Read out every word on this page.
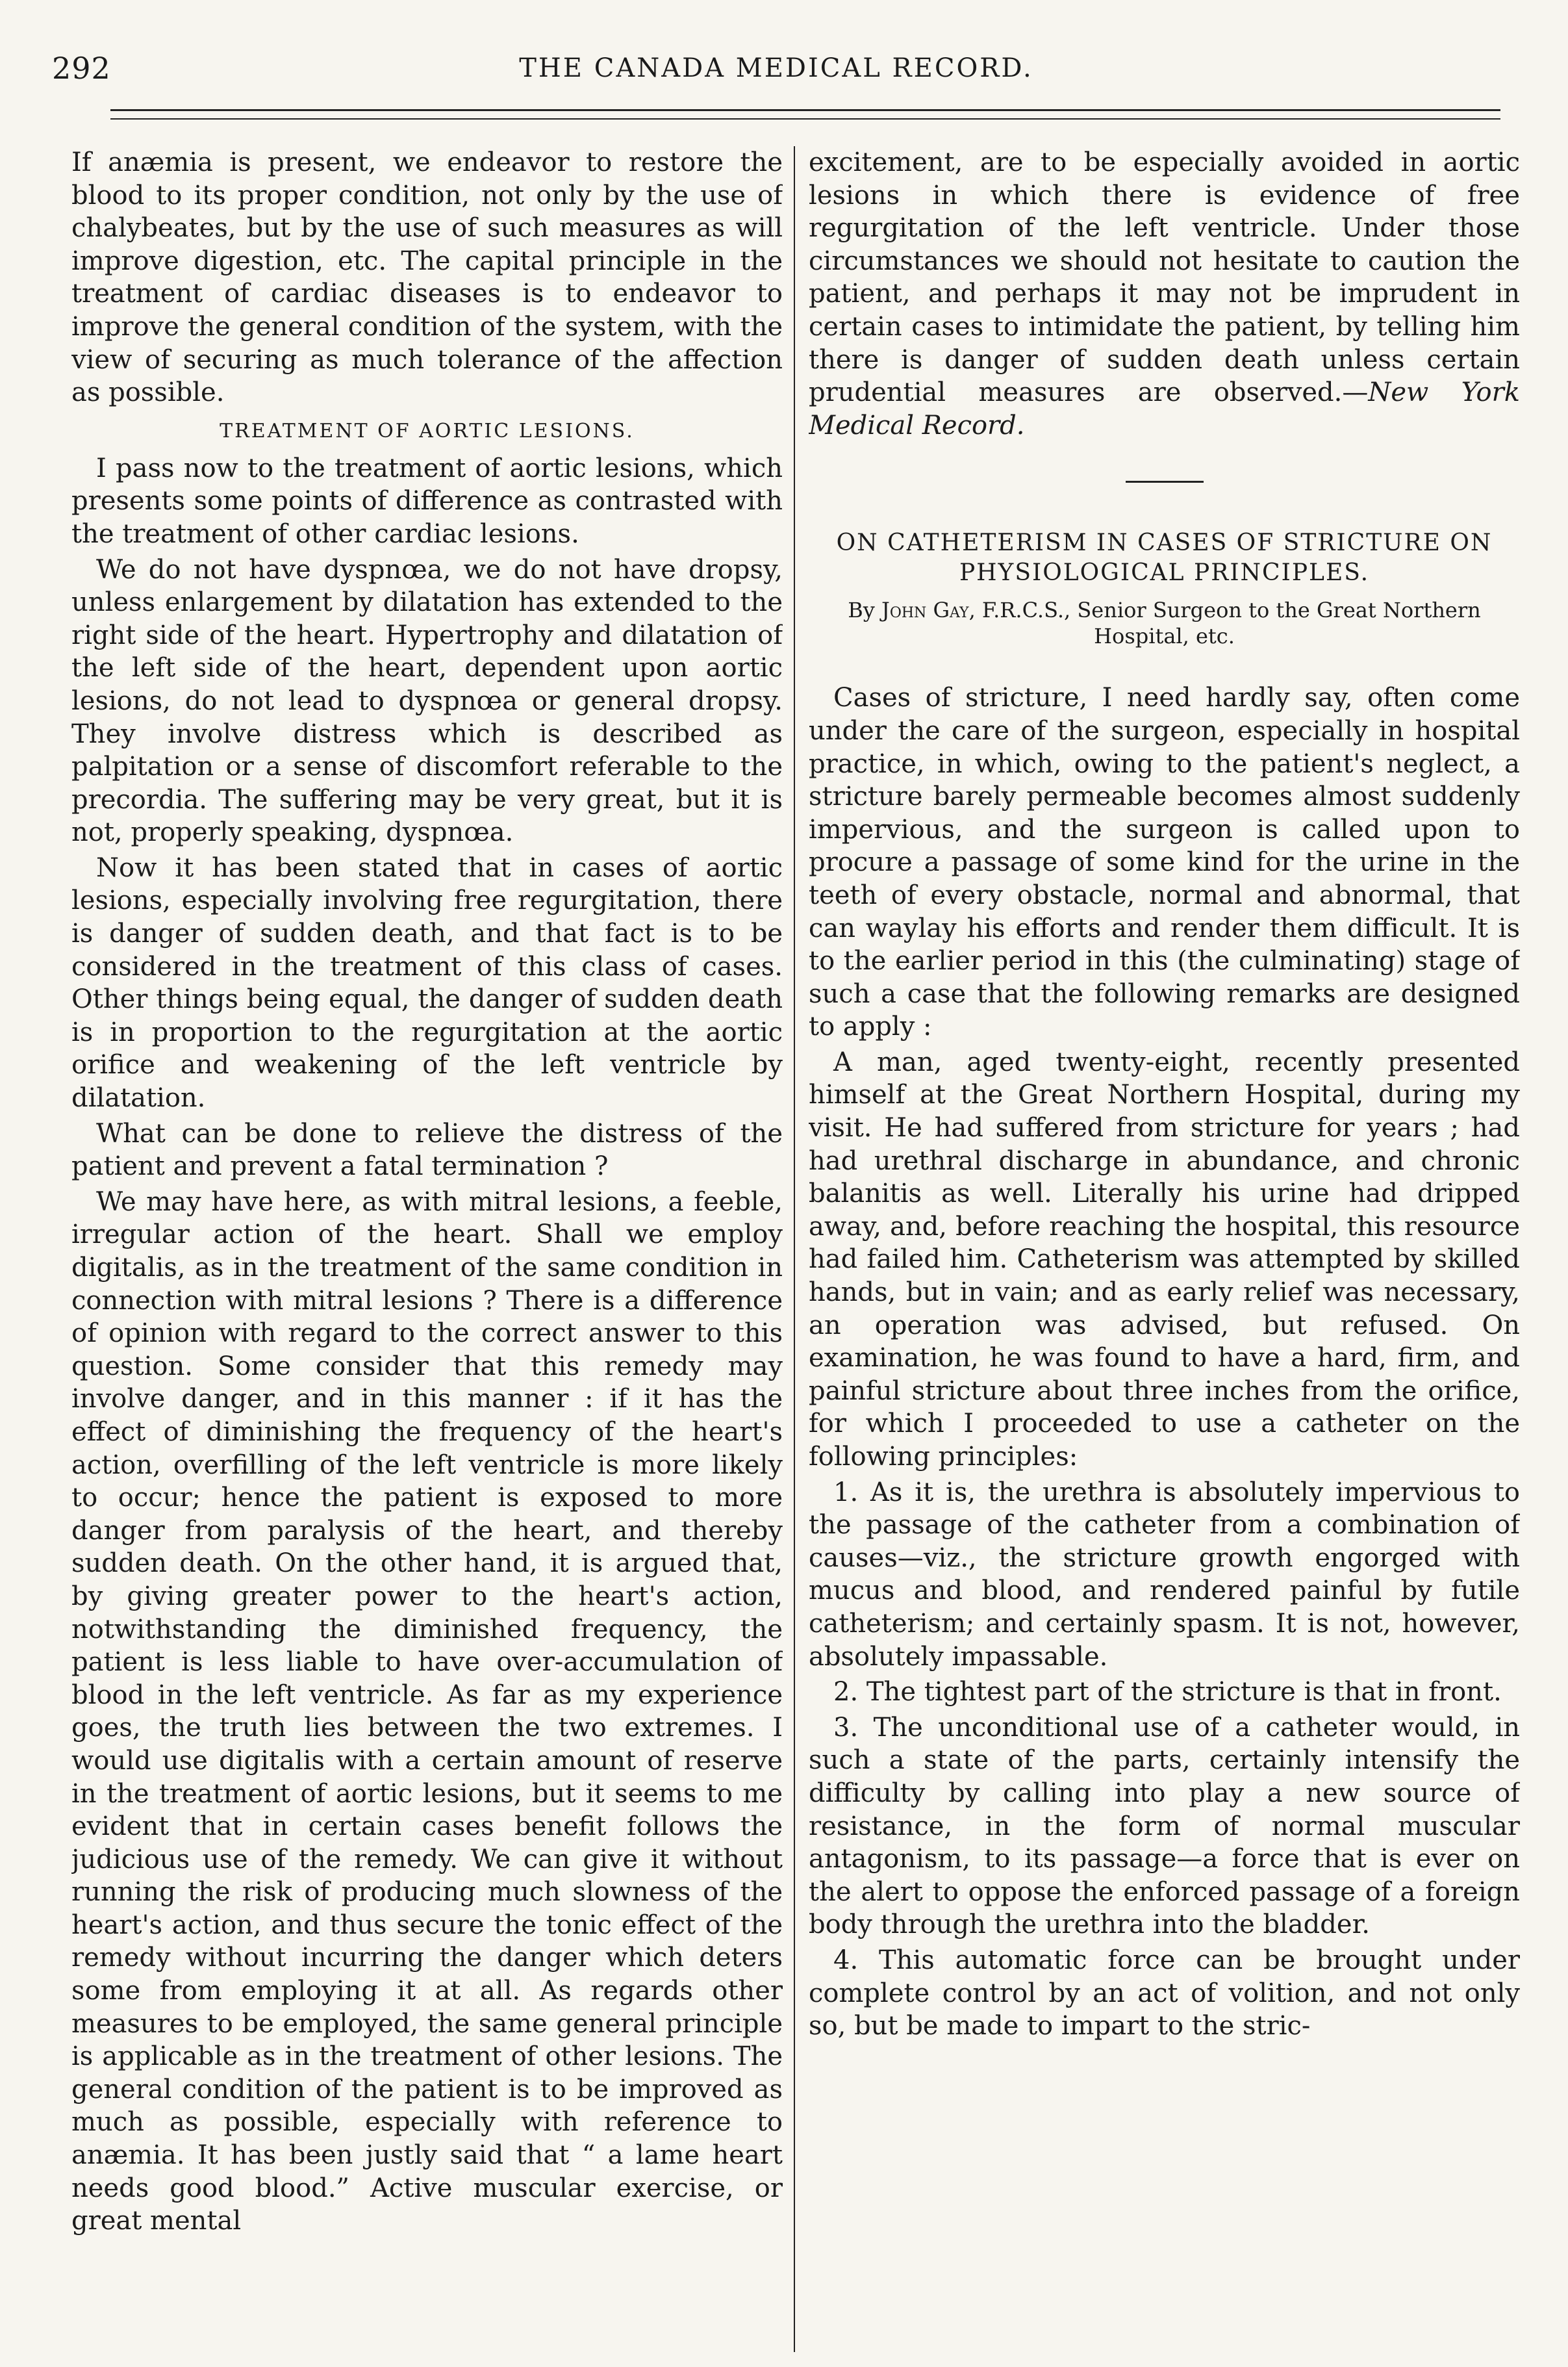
292	THE CANADA MEDICAL RECORD.

If anæmia is present, we endeavor to restore the blood to its proper condition, not only by the use of chalybeates, but by the use of such measures as will improve digestion, etc. The capital principle in the treatment of cardiac diseases is to endeavor to improve the general condition of the system, with the view of securing as much tolerance of the affection as possible.

TREATMENT OF AORTIC LESIONS.

I pass now to the treatment of aortic lesions, which presents some points of difference as contrasted with the treatment of other cardiac lesions.

We do not have dyspnœa, we do not have dropsy, unless enlargement by dilatation has extended to the right side of the heart. Hypertrophy and dilatation of the left side of the heart, dependent upon aortic lesions, do not lead to dyspnœa or general dropsy. They involve distress which is described as palpitation or a sense of discomfort referable to the precordia. The suffering may be very great, but it is not, properly speaking, dyspnœa.

Now it has been stated that in cases of aortic lesions, especially involving free regurgitation, there is danger of sudden death, and that fact is to be considered in the treatment of this class of cases. Other things being equal, the danger of sudden death is in proportion to the regurgitation at the aortic orifice and weakening of the left ventricle by dilatation.

What can be done to relieve the distress of the patient and prevent a fatal termination ?

We may have here, as with mitral lesions, a feeble, irregular action of the heart. Shall we employ digitalis, as in the treatment of the same condition in connection with mitral lesions ? There is a difference of opinion with regard to the correct answer to this question. Some consider that this remedy may involve danger, and in this manner : if it has the effect of diminishing the frequency of the heart's action, overfilling of the left ventricle is more likely to occur; hence the patient is exposed to more danger from paralysis of the heart, and thereby sudden death. On the other hand, it is argued that, by giving greater power to the heart's action, notwithstanding the diminished frequency, the patient is less liable to have over-accumulation of blood in the left ventricle. As far as my experience goes, the truth lies between the two extremes. I would use digitalis with a certain amount of reserve in the treatment of aortic lesions, but it seems to me evident that in certain cases benefit follows the judicious use of the remedy. We can give it without running the risk of producing much slowness of the heart's action, and thus secure the tonic effect of the remedy without incurring the danger which deters some from employing it at all. As regards other measures to be employed, the same general principle is applicable as in the treatment of other lesions. The general condition of the patient is to be improved as much as possible, especially with reference to anæmia. It has been justly said that “ a lame heart needs good blood.” Active muscular exercise, or great mental

excitement, are to be especially avoided in aortic lesions in which there is evidence of free regurgitation of the left ventricle. Under those circumstances we should not hesitate to caution the patient, and perhaps it may not be imprudent in certain cases to intimidate the patient, by telling him there is danger of sudden death unless certain prudential measures are observed.—New York Medical Record.

ON CATHETERISM IN CASES OF STRICTURE ON PHYSIOLOGICAL PRINCIPLES.
By John Gay, F.R.C.S., Senior Surgeon to the Great Northern Hospital, etc.

Cases of stricture, I need hardly say, often come under the care of the surgeon, especially in hospital practice, in which, owing to the patient's neglect, a stricture barely permeable becomes almost suddenly impervious, and the surgeon is called upon to procure a passage of some kind for the urine in the teeth of every obstacle, normal and abnormal, that can waylay his efforts and render them difficult. It is to the earlier period in this (the culminating) stage of such a case that the following remarks are designed to apply :

A man, aged twenty-eight, recently presented himself at the Great Northern Hospital, during my visit. He had suffered from stricture for years ; had had urethral discharge in abundance, and chronic balanitis as well. Literally his urine had dripped away, and, before reaching the hospital, this resource had failed him. Catheterism was attempted by skilled hands, but in vain; and as early relief was necessary, an operation was advised, but refused. On examination, he was found to have a hard, firm, and painful stricture about three inches from the orifice, for which I proceeded to use a catheter on the following principles:

1. As it is, the urethra is absolutely impervious to the passage of the catheter from a combination of causes—viz., the stricture growth engorged with mucus and blood, and rendered painful by futile catheterism; and certainly spasm. It is not, however, absolutely impassable.

2. The tightest part of the stricture is that in front.

3. The unconditional use of a catheter would, in such a state of the parts, certainly intensify the difficulty by calling into play a new source of resistance, in the form of normal muscular antagonism, to its passage—a force that is ever on the alert to oppose the enforced passage of a foreign body through the urethra into the bladder.

4. This automatic force can be brought under complete control by an act of volition, and not only so, but be made to impart to the stric-
